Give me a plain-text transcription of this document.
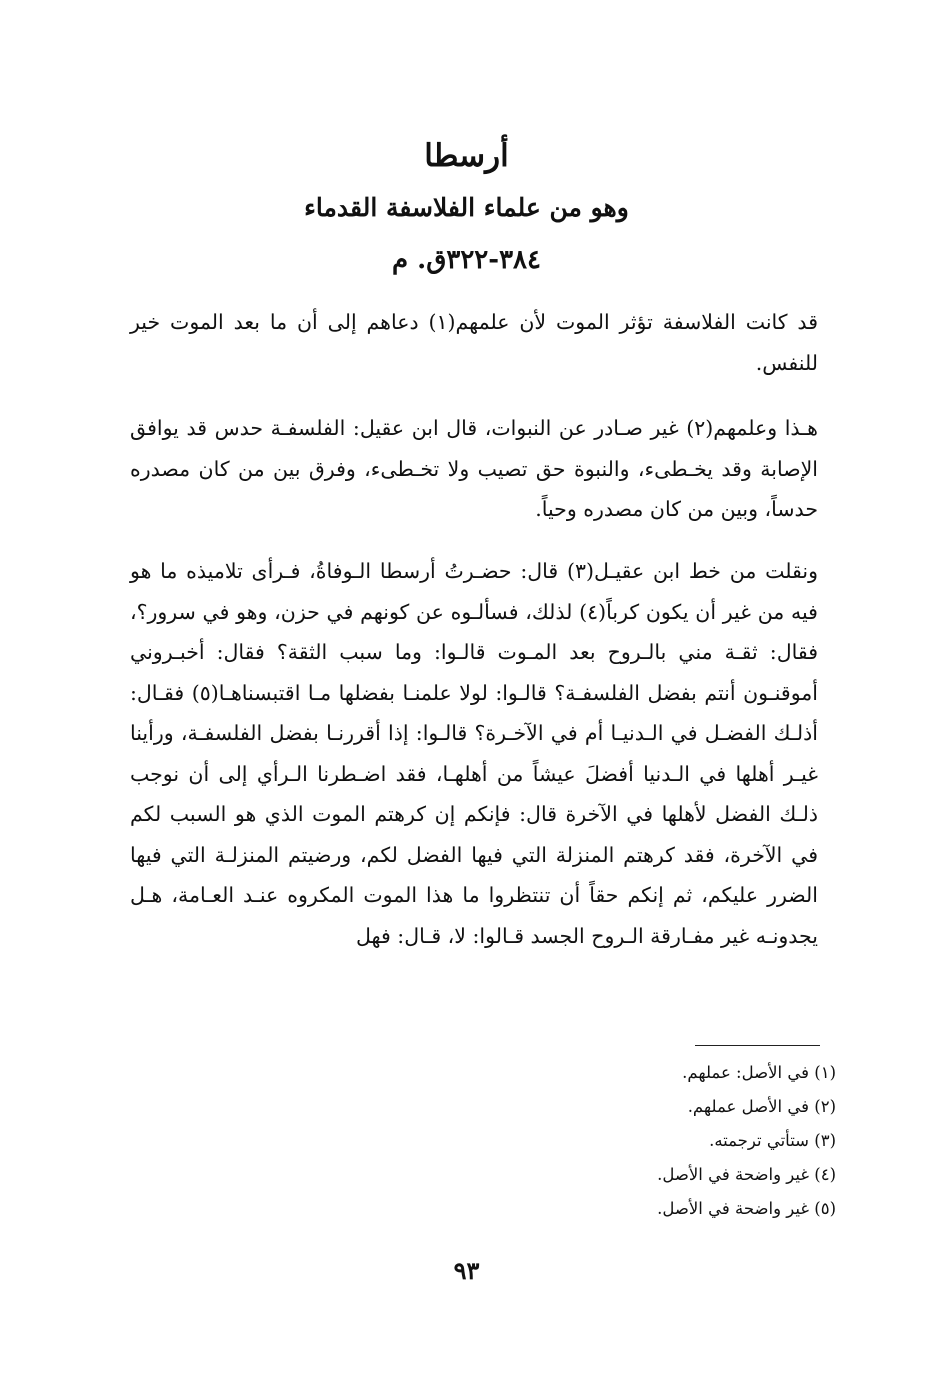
أرسطا
وهو من علماء الفلاسفة القدماء
٣٨٤-٣٢٢ق. م

قد كانت الفلاسفة تؤثر الموت لأن علمهم(١) دعاهم إلى أن ما بعد الموت خير للنفس.

هـذا وعلمهم(٢) غير صـادر عن النبوات، قال ابن عقيل: الفلسفـة حدس قد يوافق الإصابة وقد يخـطىء، والنبوة حق تصيب ولا تخـطىء، وفرق بين من كان مصدره حدساً، وبين من كان مصدره وحياً.

ونقلت من خط ابن عقيـل(٣) قال: حضـرتُ أرسطا الـوفاةُ، فـرأى تلاميذه ما هو فيه من غير أن يكون كرباً(٤) لذلك، فسألـوه عن كونهم في حزن، وهو في سرور؟، فقال: ثقـة مني بالـروح بعد المـوت قالـوا: وما سبب الثقة؟ فقال: أخبـروني أموقنـون أنتم بفضل الفلسفـة؟ قالـوا: لولا علمنـا بفضلها مـا اقتبسناهـا(٥) فقـال: أذلـك الفضـل في الـدنيـا أم في الآخـرة؟ قالـوا: إذا أقررنـا بفضل الفلسفـة، ورأينا غيـر أهلها في الـدنيا أفضلَ عيشاً من أهلهـا، فقد اضـطرنا الـرأي إلى أن نوجب ذلـك الفضل لأهلها في الآخرة قال: فإنكم إن كرهتم الموت الذي هو السبب لكم في الآخرة، فقد كرهتم المنزلة التي فيها الفضل لكم، ورضيتم المنزلـة التي فيها الضرر عليكم، ثم إنكم حقاً أن تنتظروا ما هذا الموت المكروه عنـد العـامة، هـل يجدونـه غير مفـارقة الـروح الجسد قـالوا: لا، قـال: فهل

(١) في الأصل: عملهم.
(٢) في الأصل عملهم.
(٣) ستأتي ترجمته.
(٤) غير واضحة في الأصل.
(٥) غير واضحة في الأصل.
٩٣
